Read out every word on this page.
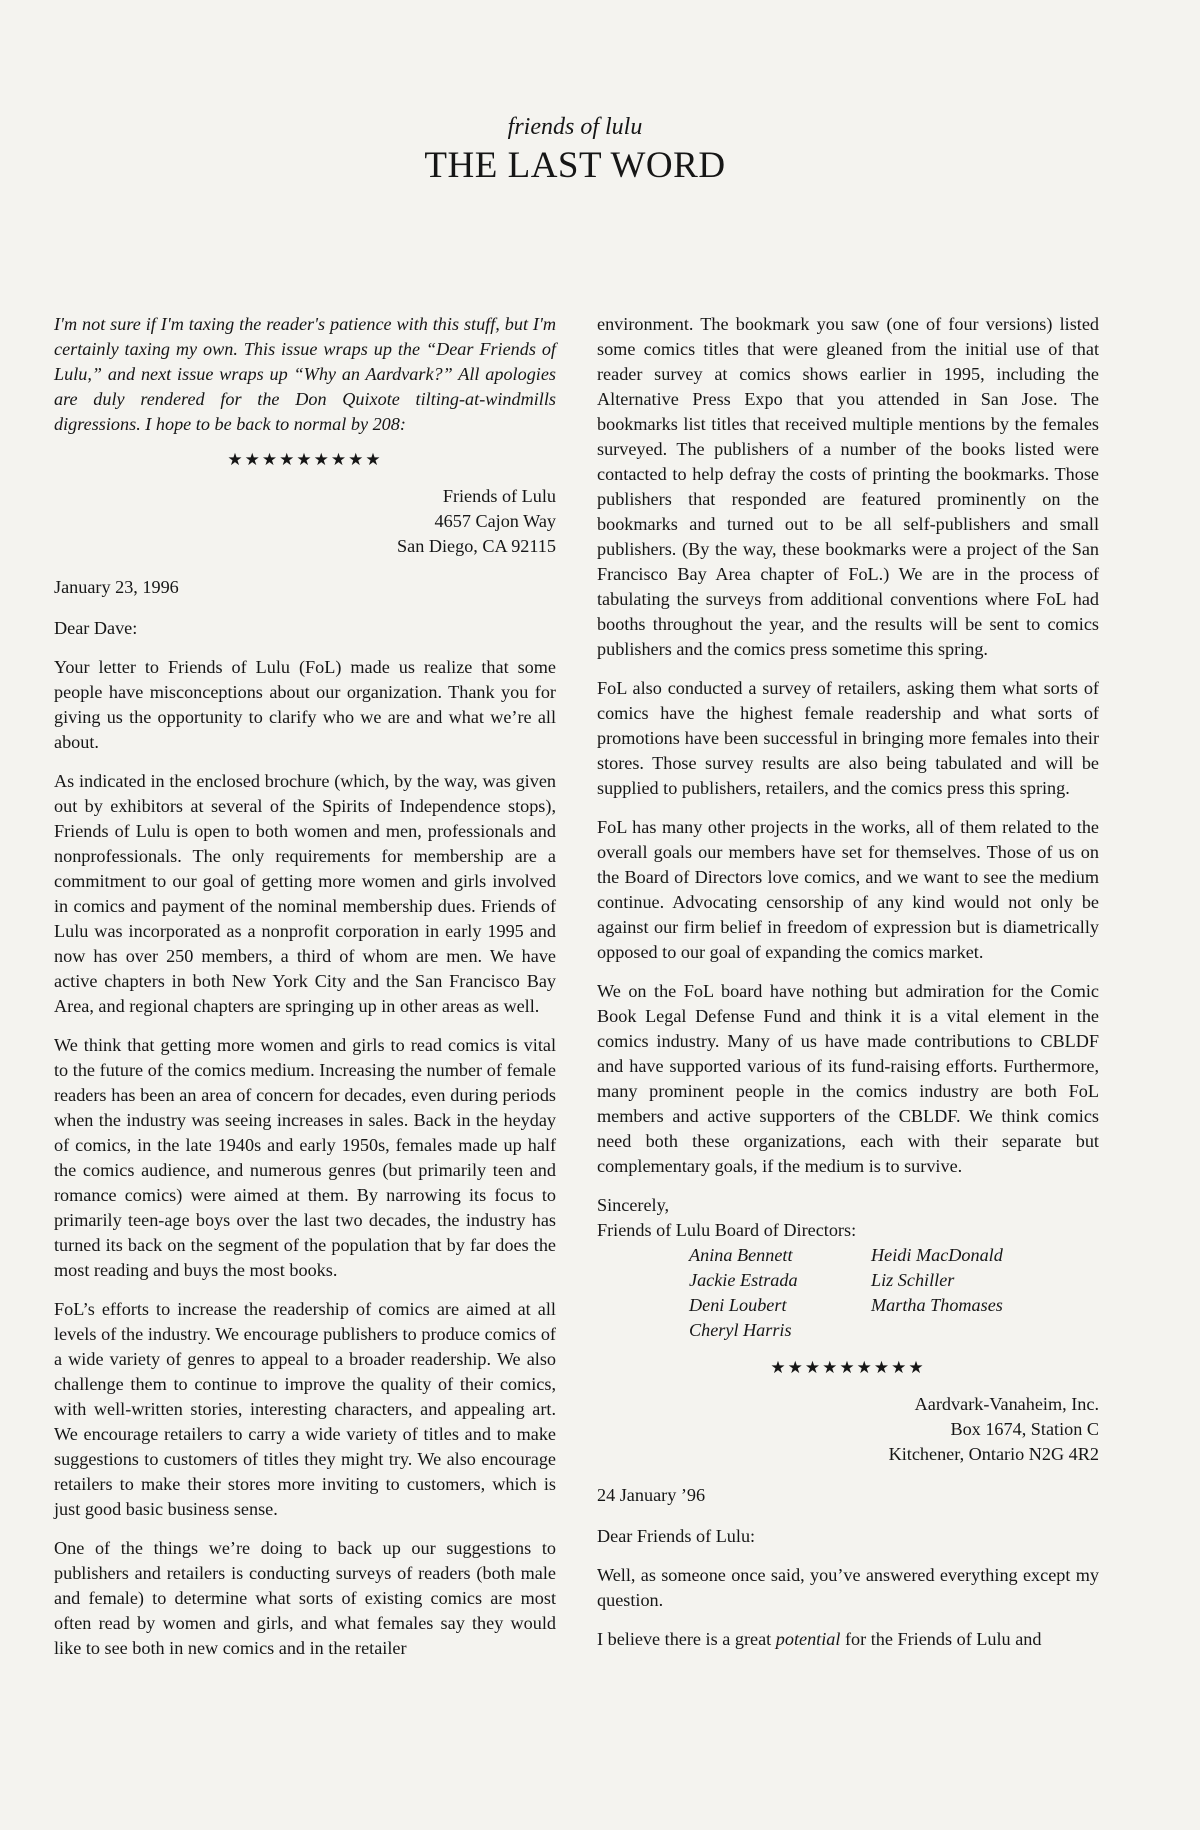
friends of lulu
THE LAST WORD

I'm not sure if I'm taxing the reader's patience with this stuff, but I'm certainly taxing my own. This issue wraps up the “Dear Friends of Lulu,” and next issue wraps up “Why an Aardvark?” All apologies are duly rendered for the Don Quixote tilting-at-windmills digressions. I hope to be back to normal by 208:

★★★★★★★★★
Friends of Lulu
4657 Cajon Way
San Diego, CA 92115
January 23, 1996
Dear Dave:

Your letter to Friends of Lulu (FoL) made us realize that some people have misconceptions about our organization. Thank you for giving us the opportunity to clarify who we are and what we’re all about.

As indicated in the enclosed brochure (which, by the way, was given out by exhibitors at several of the Spirits of Independence stops), Friends of Lulu is open to both women and men, professionals and nonprofessionals. The only requirements for membership are a commitment to our goal of getting more women and girls involved in comics and payment of the nominal membership dues. Friends of Lulu was incorporated as a nonprofit corporation in early 1995 and now has over 250 members, a third of whom are men. We have active chapters in both New York City and the San Francisco Bay Area, and regional chapters are springing up in other areas as well.

We think that getting more women and girls to read comics is vital to the future of the comics medium. Increasing the number of female readers has been an area of concern for decades, even during periods when the industry was seeing increases in sales. Back in the heyday of comics, in the late 1940s and early 1950s, females made up half the comics audience, and numerous genres (but primarily teen and romance comics) were aimed at them. By narrowing its focus to primarily teen-age boys over the last two decades, the industry has turned its back on the segment of the population that by far does the most reading and buys the most books.

FoL’s efforts to increase the readership of comics are aimed at all levels of the industry. We encourage publishers to produce comics of a wide variety of genres to appeal to a broader readership. We also challenge them to continue to improve the quality of their comics, with well-written stories, interesting characters, and appealing art. We encourage retailers to carry a wide variety of titles and to make suggestions to customers of titles they might try. We also encourage retailers to make their stores more inviting to customers, which is just good basic business sense.

One of the things we’re doing to back up our suggestions to publishers and retailers is conducting surveys of readers (both male and female) to determine what sorts of existing comics are most often read by women and girls, and what females say they would like to see both in new comics and in the retailer

environment. The bookmark you saw (one of four versions) listed some comics titles that were gleaned from the initial use of that reader survey at comics shows earlier in 1995, including the Alternative Press Expo that you attended in San Jose. The bookmarks list titles that received multiple mentions by the females surveyed. The publishers of a number of the books listed were contacted to help defray the costs of printing the bookmarks. Those publishers that responded are featured prominently on the bookmarks and turned out to be all self-publishers and small publishers. (By the way, these bookmarks were a project of the San Francisco Bay Area chapter of FoL.) We are in the process of tabulating the surveys from additional conventions where FoL had booths throughout the year, and the results will be sent to comics publishers and the comics press sometime this spring.

FoL also conducted a survey of retailers, asking them what sorts of comics have the highest female readership and what sorts of promotions have been successful in bringing more females into their stores. Those survey results are also being tabulated and will be supplied to publishers, retailers, and the comics press this spring.

FoL has many other projects in the works, all of them related to the overall goals our members have set for themselves. Those of us on the Board of Directors love comics, and we want to see the medium continue. Advocating censorship of any kind would not only be against our firm belief in freedom of expression but is diametrically opposed to our goal of expanding the comics market.

We on the FoL board have nothing but admiration for the Comic Book Legal Defense Fund and think it is a vital element in the comics industry. Many of us have made contributions to CBLDF and have supported various of its fund-raising efforts. Furthermore, many prominent people in the comics industry are both FoL members and active supporters of the CBLDF. We think comics need both these organizations, each with their separate but complementary goals, if the medium is to survive.

Sincerely,
Friends of Lulu Board of Directors:
Anina Bennett	Heidi MacDonald
Jackie Estrada	Liz Schiller
Deni Loubert	Martha Thomases
Cheryl Harris
★★★★★★★★★
Aardvark-Vanaheim, Inc.
Box 1674, Station C
Kitchener, Ontario N2G 4R2
24 January ’96
Dear Friends of Lulu:

Well, as someone once said, you’ve answered everything except my question.

I believe there is a great potential for the Friends of Lulu and
